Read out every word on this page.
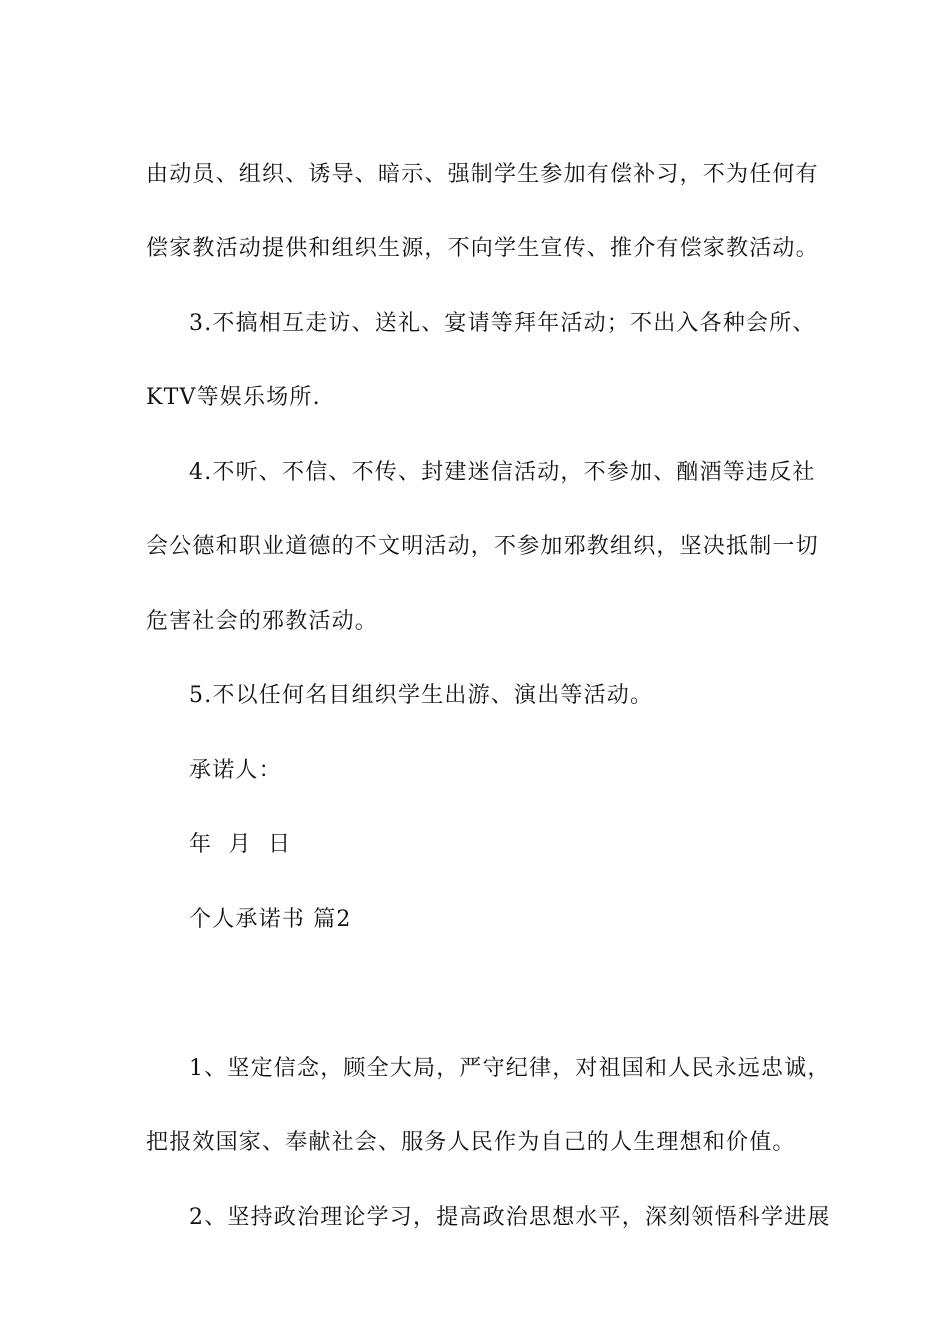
由动员、组织、诱导、暗示、强制学生参加有偿补习，不为任何有

偿家教活动提供和组织生源，不向学生宣传、推介有偿家教活动。

3.不搞相互走访、送礼、宴请等拜年活动；不出入各种会所、

KTV等娱乐场所.

4.不听、不信、不传、封建迷信活动，不参加、酗酒等违反社

会公德和职业道德的不文明活动，不参加邪教组织，坚决抵制一切

危害社会的邪教活动。

5.不以任何名目组织学生出游、演出等活动。

承诺人：

年  月  日

个人承诺书 篇2

1、坚定信念，顾全大局，严守纪律，对祖国和人民永远忠诚，

把报效国家、奉献社会、服务人民作为自己的人生理想和价值。

2、坚持政治理论学习，提高政治思想水平，深刻领悟科学进展
